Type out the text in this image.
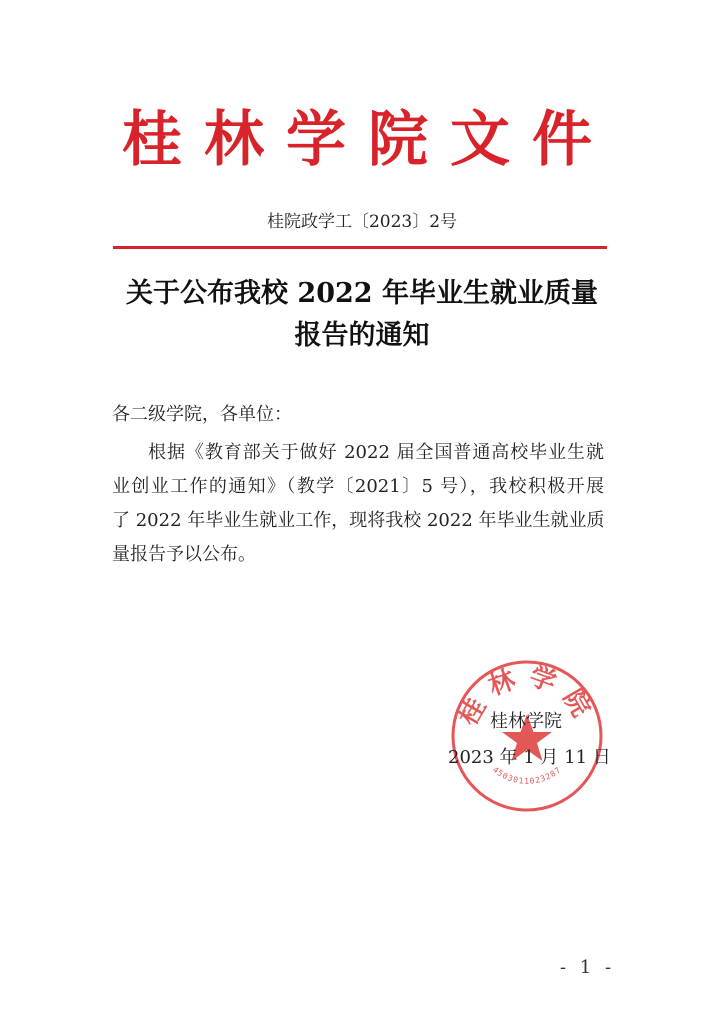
桂林学院文件
桂院政学工〔2023〕2号
关于公布我校 2022 年毕业生就业质量
报告的通知
各二级学院，各单位：
根据《教育部关于做好 2022 届全国普通高校毕业生就
业创业工作的通知》（教学〔2021〕5 号），我校积极开展
了 2022 年毕业生就业工作，现将我校 2022 年毕业生就业质
量报告予以公布。
桂林学院
4503011023287
桂林学院
2023 年 1 月 11 日
- 1 -
